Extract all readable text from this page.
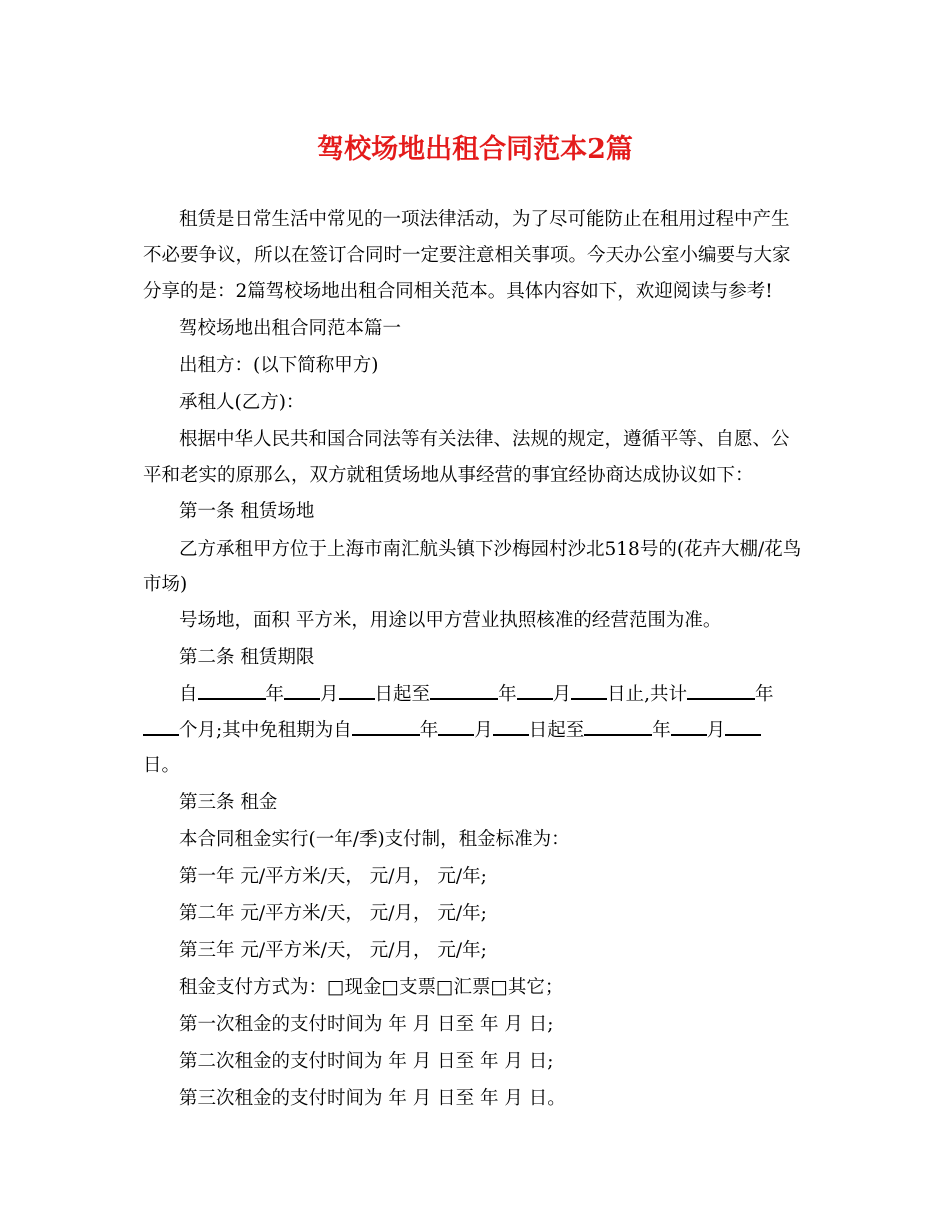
驾校场地出租合同范本2篇
租赁是日常生活中常见的一项法律活动，为了尽可能防止在租用过程中产生
不必要争议，所以在签订合同时一定要注意相关事项。今天办公室小编要与大家
分享的是：2篇驾校场地出租合同相关范本。具体内容如下，欢迎阅读与参考!
驾校场地出租合同范本篇一
出租方：(以下简称甲方)
承租人(乙方)：
根据中华人民共和国合同法等有关法律、法规的规定，遵循平等、自愿、公
平和老实的原那么，双方就租赁场地从事经营的事宜经协商达成协议如下：
第一条 租赁场地
乙方承租甲方位于上海市南汇航头镇下沙梅园村沙北518号的(花卉大棚/花鸟
市场)
号场地，面积 平方米，用途以甲方营业执照核准的经营范围为准。
第二条 租赁期限
自	年 月 日起至	年 月 日止,共计	年
个月;其中免租期为自	年 月 日起至	年 月
日。
第三条 租金
本合同租金实行(一年/季)支付制，租金标准为：
第一年 元/平方米/天， 元/月， 元/年;
第二年 元/平方米/天， 元/月， 元/年;
第三年 元/平方米/天， 元/月， 元/年;
租金支付方式为：□现金□支票□汇票□其它；
第一次租金的支付时间为 年 月 日至 年 月 日;
第二次租金的支付时间为 年 月 日至 年 月 日;
第三次租金的支付时间为 年 月 日至 年 月 日。
